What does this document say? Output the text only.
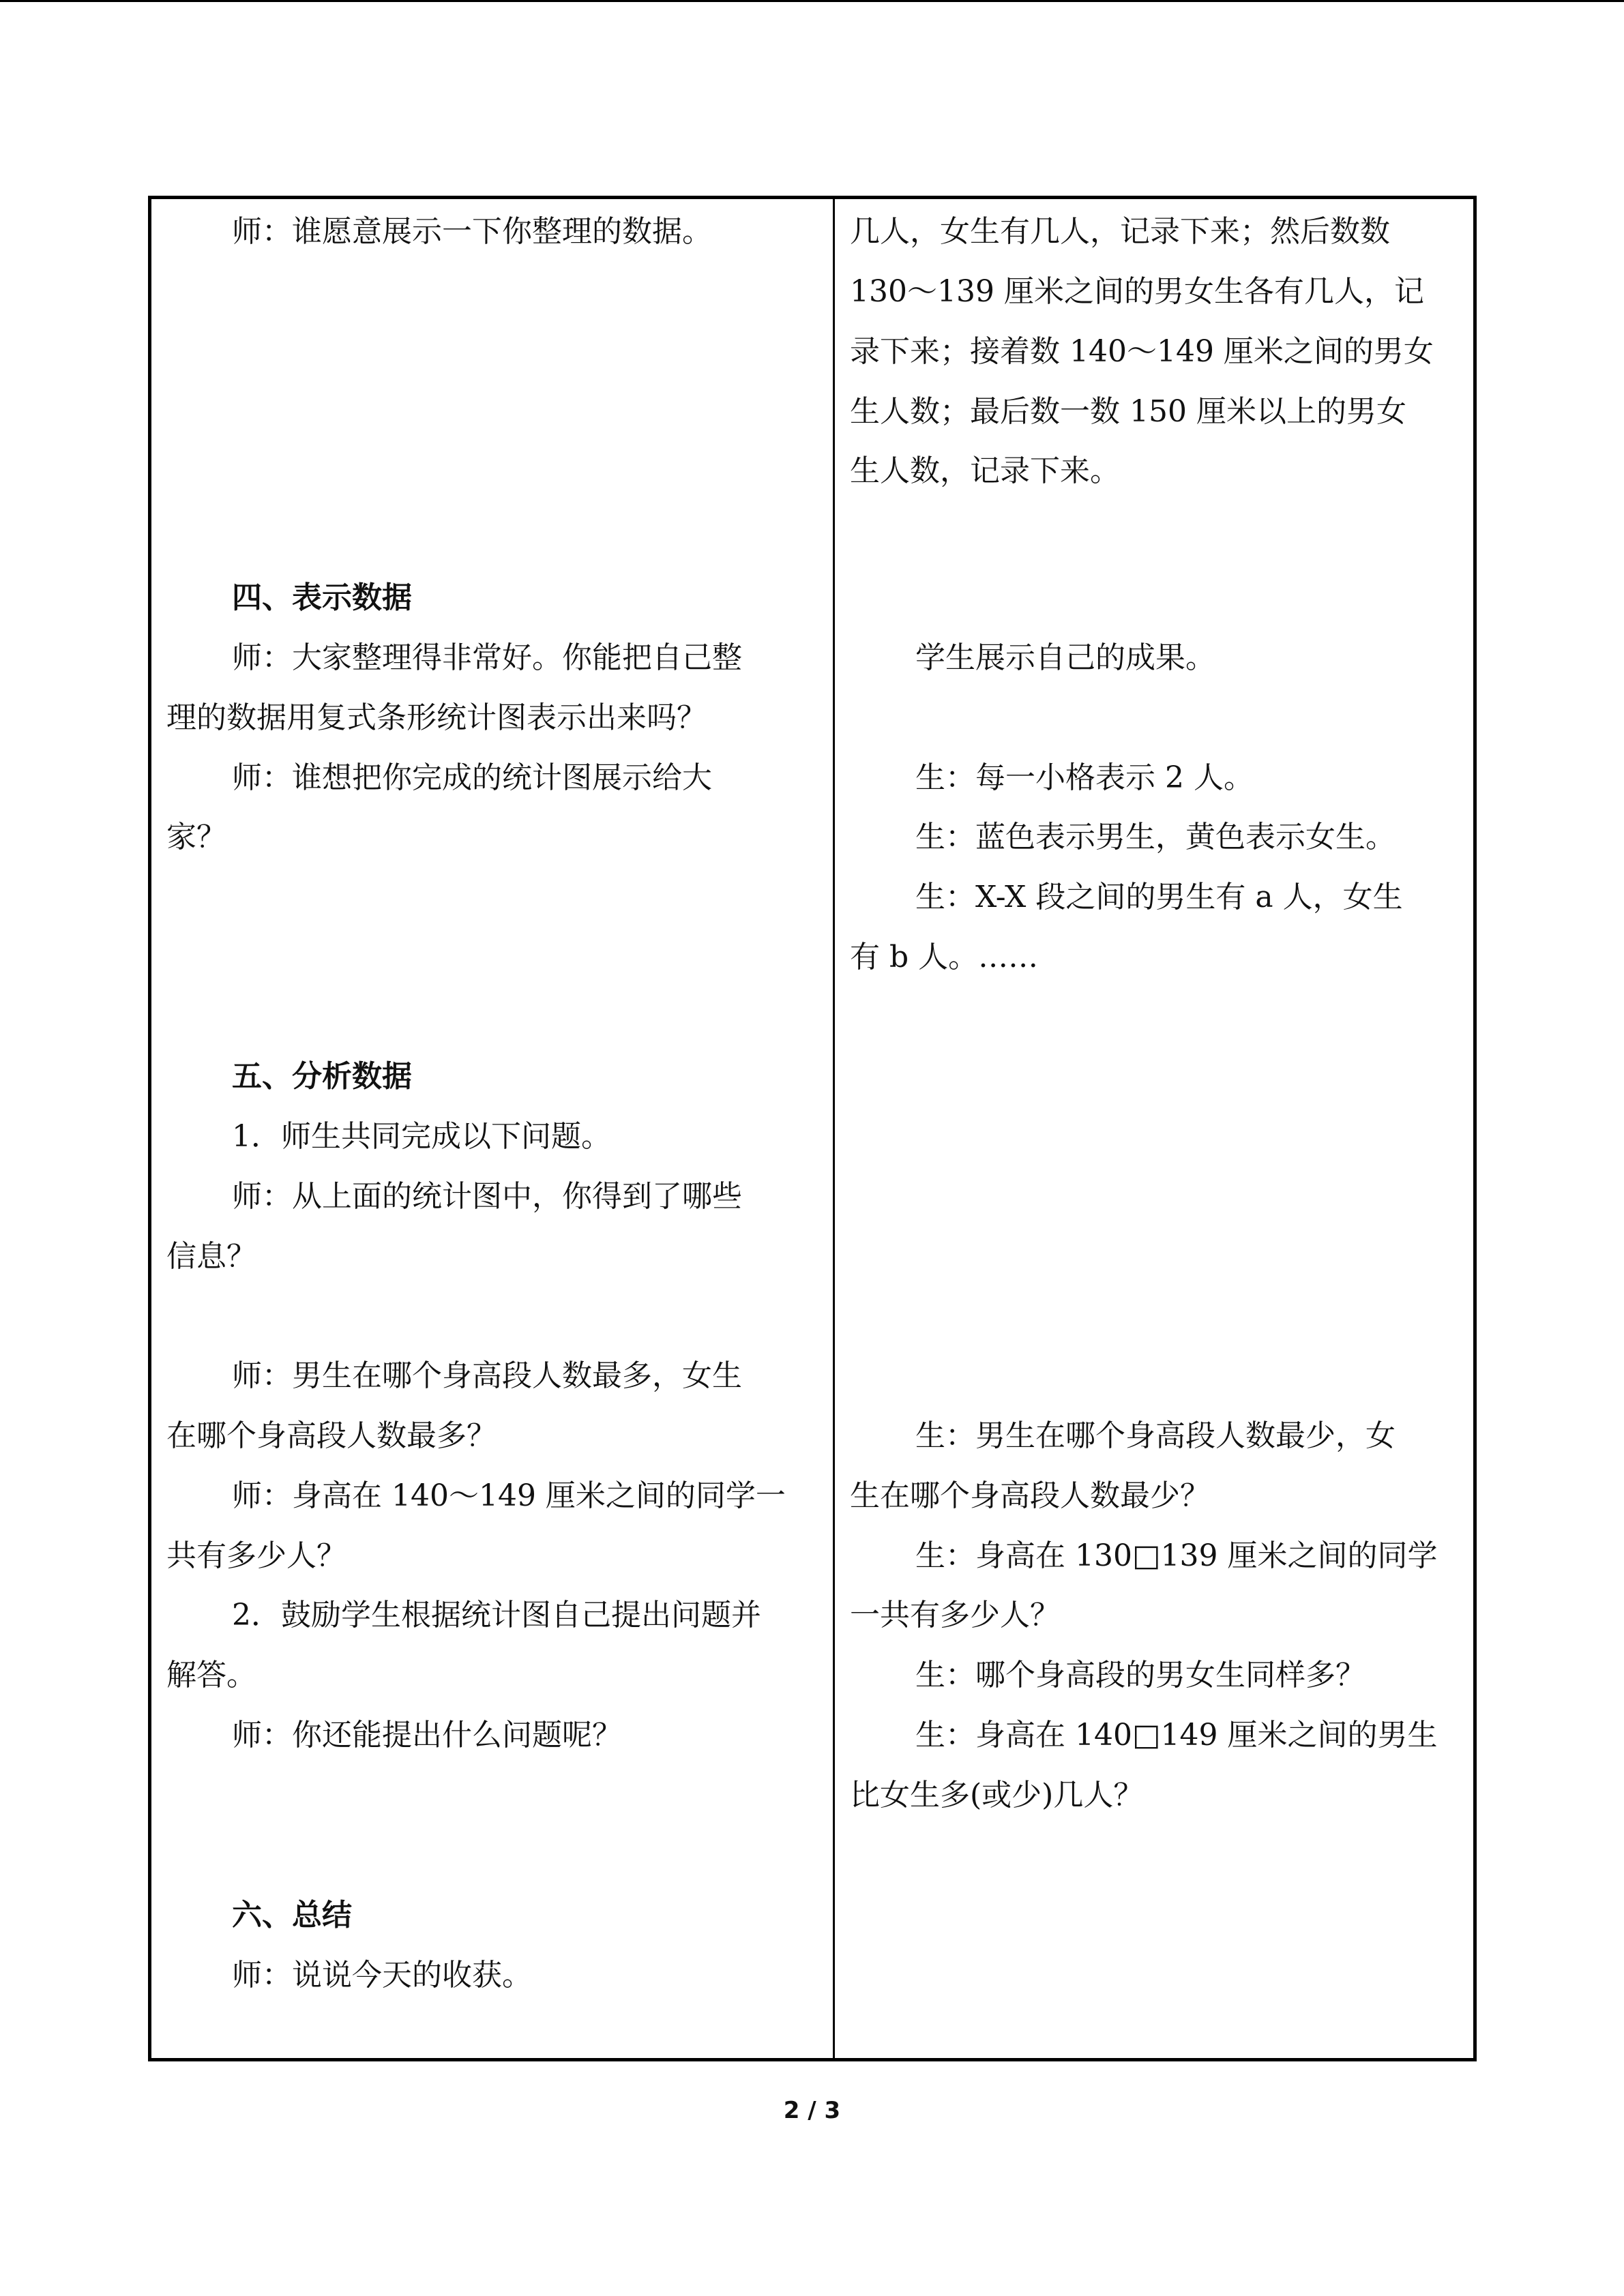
师：谁愿意展示一下你整理的数据。
四、表示数据
师：大家整理得非常好。你能把自己整
理的数据用复式条形统计图表示出来吗？
师：谁想把你完成的统计图展示给大
家？
五、分析数据
1．师生共同完成以下问题。
师：从上面的统计图中，你得到了哪些
信息？
师：男生在哪个身高段人数最多，女生
在哪个身高段人数最多？
师：身高在 140～149 厘米之间的同学一
共有多少人？
2．鼓励学生根据统计图自己提出问题并
解答。
师：你还能提出什么问题呢？
六、总结
师：说说今天的收获。
几人，女生有几人，记录下来；然后数数
130～139 厘米之间的男女生各有几人，记
录下来；接着数 140～149 厘米之间的男女
生人数；最后数一数 150 厘米以上的男女
生人数，记录下来。
学生展示自己的成果。
生：每一小格表示 2 人。
生：蓝色表示男生，黄色表示女生。
生：X-X 段之间的男生有 a 人，女生
有 b 人。……
生：男生在哪个身高段人数最少，女
生在哪个身高段人数最少？
生：身高在 130□139 厘米之间的同学
一共有多少人？
生：哪个身高段的男女生同样多？
生：身高在 140□149 厘米之间的男生
比女生多(或少)几人？
2 / 3
